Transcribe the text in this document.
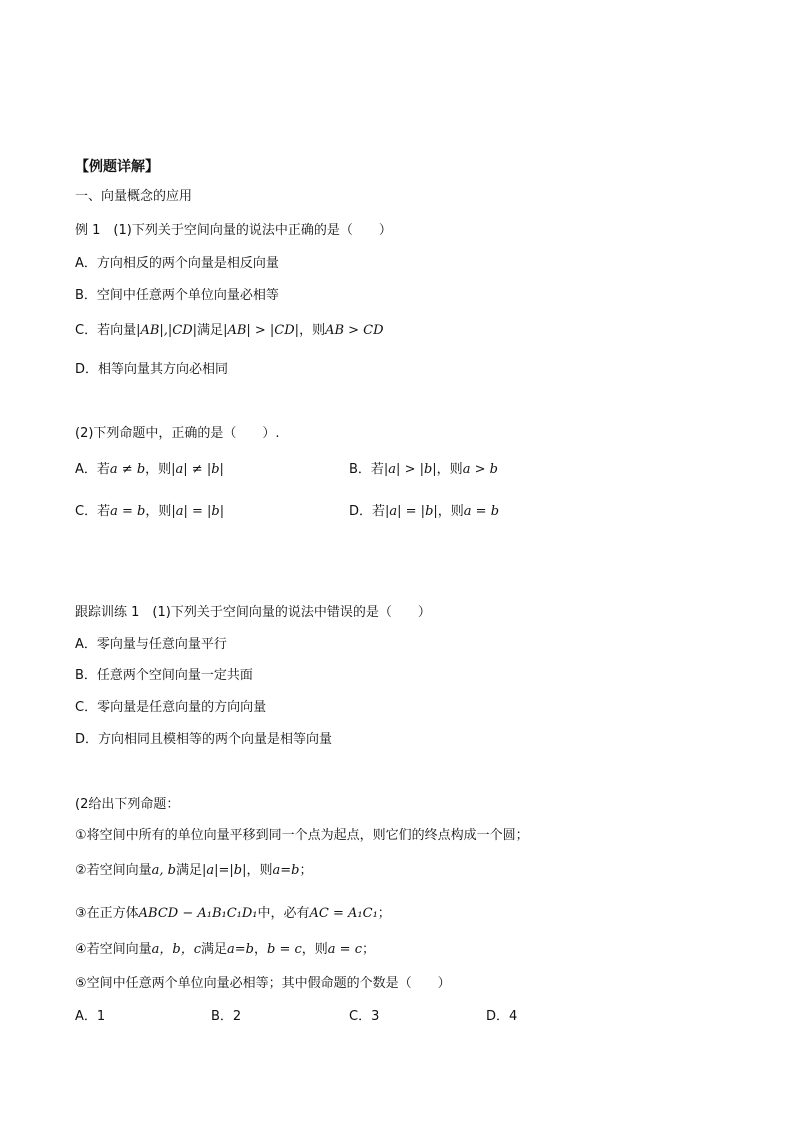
【例题详解】
一、向量概念的应用
例 1　(1)下列关于空间向量的说法中正确的是（　　）
A．方向相反的两个向量是相反向量
B．空间中任意两个单位向量必相等
C．若向量|AB|,|CD|满足|AB| > |CD|，则AB > CD
D．相等向量其方向必相同
(2)下列命题中，正确的是（　　）.
A．若a ≠ b，则|a| ≠ |b|	B．若|a| > |b|，则a > b
C．若a = b，则|a| = |b|	D．若|a| = |b|，则a = b
跟踪训练 1　(1)下列关于空间向量的说法中错误的是（　　）
A．零向量与任意向量平行
B．任意两个空间向量一定共面
C．零向量是任意向量的方向向量
D．方向相同且模相等的两个向量是相等向量
(2给出下列命题：
①将空间中所有的单位向量平移到同一个点为起点，则它们的终点构成一个圆；
②若空间向量a, b满足|a|=|b|，则a=b；
③在正方体ABCD − A₁B₁C₁D₁中，必有AC = A₁C₁；
④若空间向量a，b，c满足a=b，b = c，则a = c；
⑤空间中任意两个单位向量必相等；其中假命题的个数是（　　）
A．1	B．2	C．3	D．4
